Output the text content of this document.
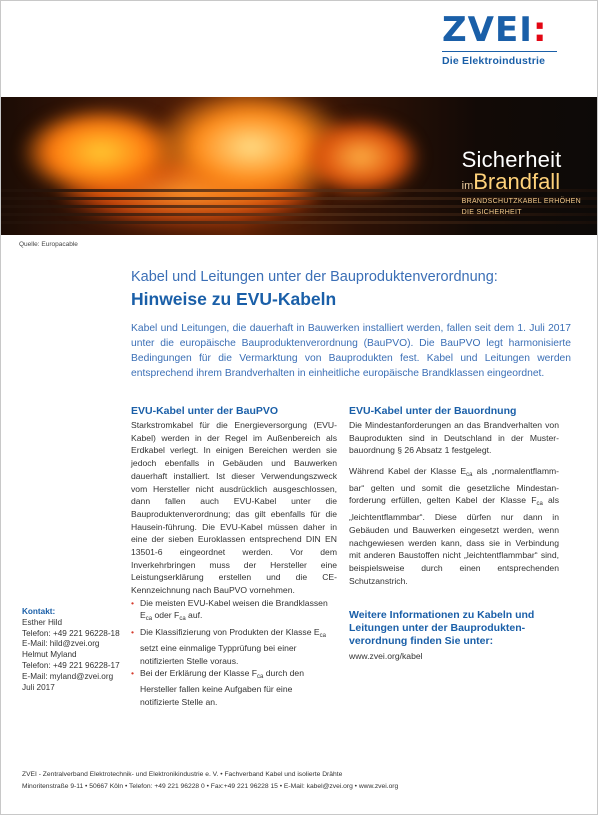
ZVEI:
Die Elektroindustrie
Sicherheit
imBrandfall
BRANDSCHUTZKABEL ERHÖHEN
DIE SICHERHEIT
Quelle: Europacable
Kabel und Leitungen unter der Bauproduktenverordnung:
Hinweise zu EVU-Kabeln
Kabel und Leitungen, die dauerhaft in Bauwerken installiert werden, fallen seit dem 1. Juli 2017 unter die europäische Bauproduktenverordnung (BauPVO). Die BauPVO legt harmonisierte Bedingungen für die Vermarktung von Bauprodukten fest. Kabel und Leitungen werden entsprechend ihrem Brandverhalten in einheitliche europäische Brandklassen eingeordnet.
EVU-Kabel unter der BauPVO
Starkstromkabel für die Energieversorgung (EVU-Kabel) werden in der Regel im Außenbereich als Erdkabel verlegt. In einigen Bereichen werden sie jedoch ebenfalls in Gebäuden und Bauwerken dauerhaft installiert. Ist dieser Verwendungszweck vom Hersteller nicht ausdrücklich ausgeschlossen, dann fallen auch EVU-Kabel unter die Bauproduktenverordnung; das gilt ebenfalls für die Hausein-führung. Die EVU-Kabel müssen daher in eine der sieben Euroklassen entsprechend DIN EN 13501-6 eingeordnet werden. Vor dem Inverkehrbringen muss der Hersteller eine Leistungserklärung erstellen und die CE-Kennzeichnung nach BauPVO vornehmen.
• Die meisten EVU-Kabel weisen die Brandklassen $E_{ca}$ oder $F_{ca}$ auf.
• Die Klassifizierung von Produkten der Klasse $E_{ca}$ setzt eine einmalige Typprüfung bei einer notifizierten Stelle voraus.
• Bei der Erklärung der Klasse $F_{ca}$ durch den Hersteller fallen keine Aufgaben für eine notifizierte Stelle an.
EVU-Kabel unter der Bauordnung
Die Mindestanforderungen an das Brandverhalten von Bauprodukten sind in Deutschland in der Muster-bauordnung § 26 Absatz 1 festgelegt.
Während Kabel der Klasse $E_{ca}$ als „normalentflamm-bar“ gelten und somit die gesetzliche Mindestan-forderung erfüllen, gelten Kabel der Klasse $F_{ca}$ als „leichtentflammbar“. Diese dürfen nur dann in Gebäuden und Bauwerken eingesetzt werden, wenn nachgewiesen werden kann, dass sie in Verbindung mit anderen Baustoffen nicht „leichtentflammbar“ sind, beispielsweise durch einen entsprechenden Schutzanstrich.
Weitere Informationen zu Kabeln und Leitungen unter der Bauprodukten-verordnung finden Sie unter:
www.zvei.org/kabel
Kontakt:
Esther Hild
Telefon: +49 221 96228-18
E-Mail: hild@zvei.org
Helmut Myland
Telefon: +49 221 96228-17
E-Mail: myland@zvei.org
Juli 2017
ZVEI - Zentralverband Elektrotechnik- und Elektronikindustrie e. V. • Fachverband Kabel und isolierte Drähte
Minoritenstraße 9-11 • 50667 Köln • Telefon: +49 221 96228 0 • Fax:+49 221 96228 15 • E-Mail: kabel@zvei.org • www.zvei.org
